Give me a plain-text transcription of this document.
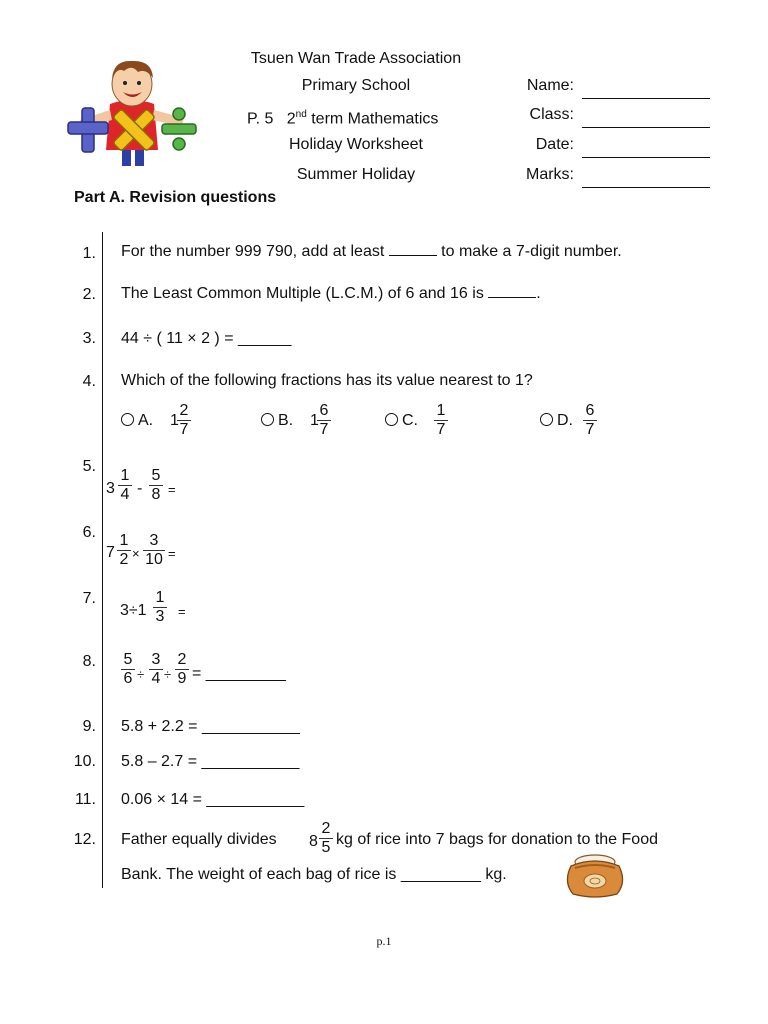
Tsuen Wan Trade Association
Primary School
P. 5 2nd term Mathematics
Holiday Worksheet
Summer Holiday
Name:
Class:
Date:
Marks:
Part A. Revision questions
1. For the number 999 790, add at least	to make a 7-digit number.
2. The Least Common Multiple (L.C.M.) of 6 and 16 is	.
3. 44 ÷ ( 11 × 2 ) = ______
4. Which of the following fractions has its value nearest to 1?
A. 1
$\frac{2}{7}$	B. 1
$\frac{6}{7}$	C. $\frac{1}{7}$	D. $\frac{6}{7}$
5.
$3 \frac{1}{4} - \frac{5}{8}$ =
6.
$7 \frac{1}{2} \times \frac{3}{10}$ =
7.
$3\div 1 \frac{1}{3}$ =
8. $\frac{5}{6} \div \frac{3}{4} \div \frac{2}{9}$ = _________
9. 5.8 + 2.2 = ___________
10. 5.8 – 2.7 = ___________
11. 0.06 × 14 = ___________
12. Father equally divides $8 \frac{2}{5}$ kg of rice into 7 bags for donation to the Food
Bank. The weight of each bag of rice is _________ kg.
p.1
